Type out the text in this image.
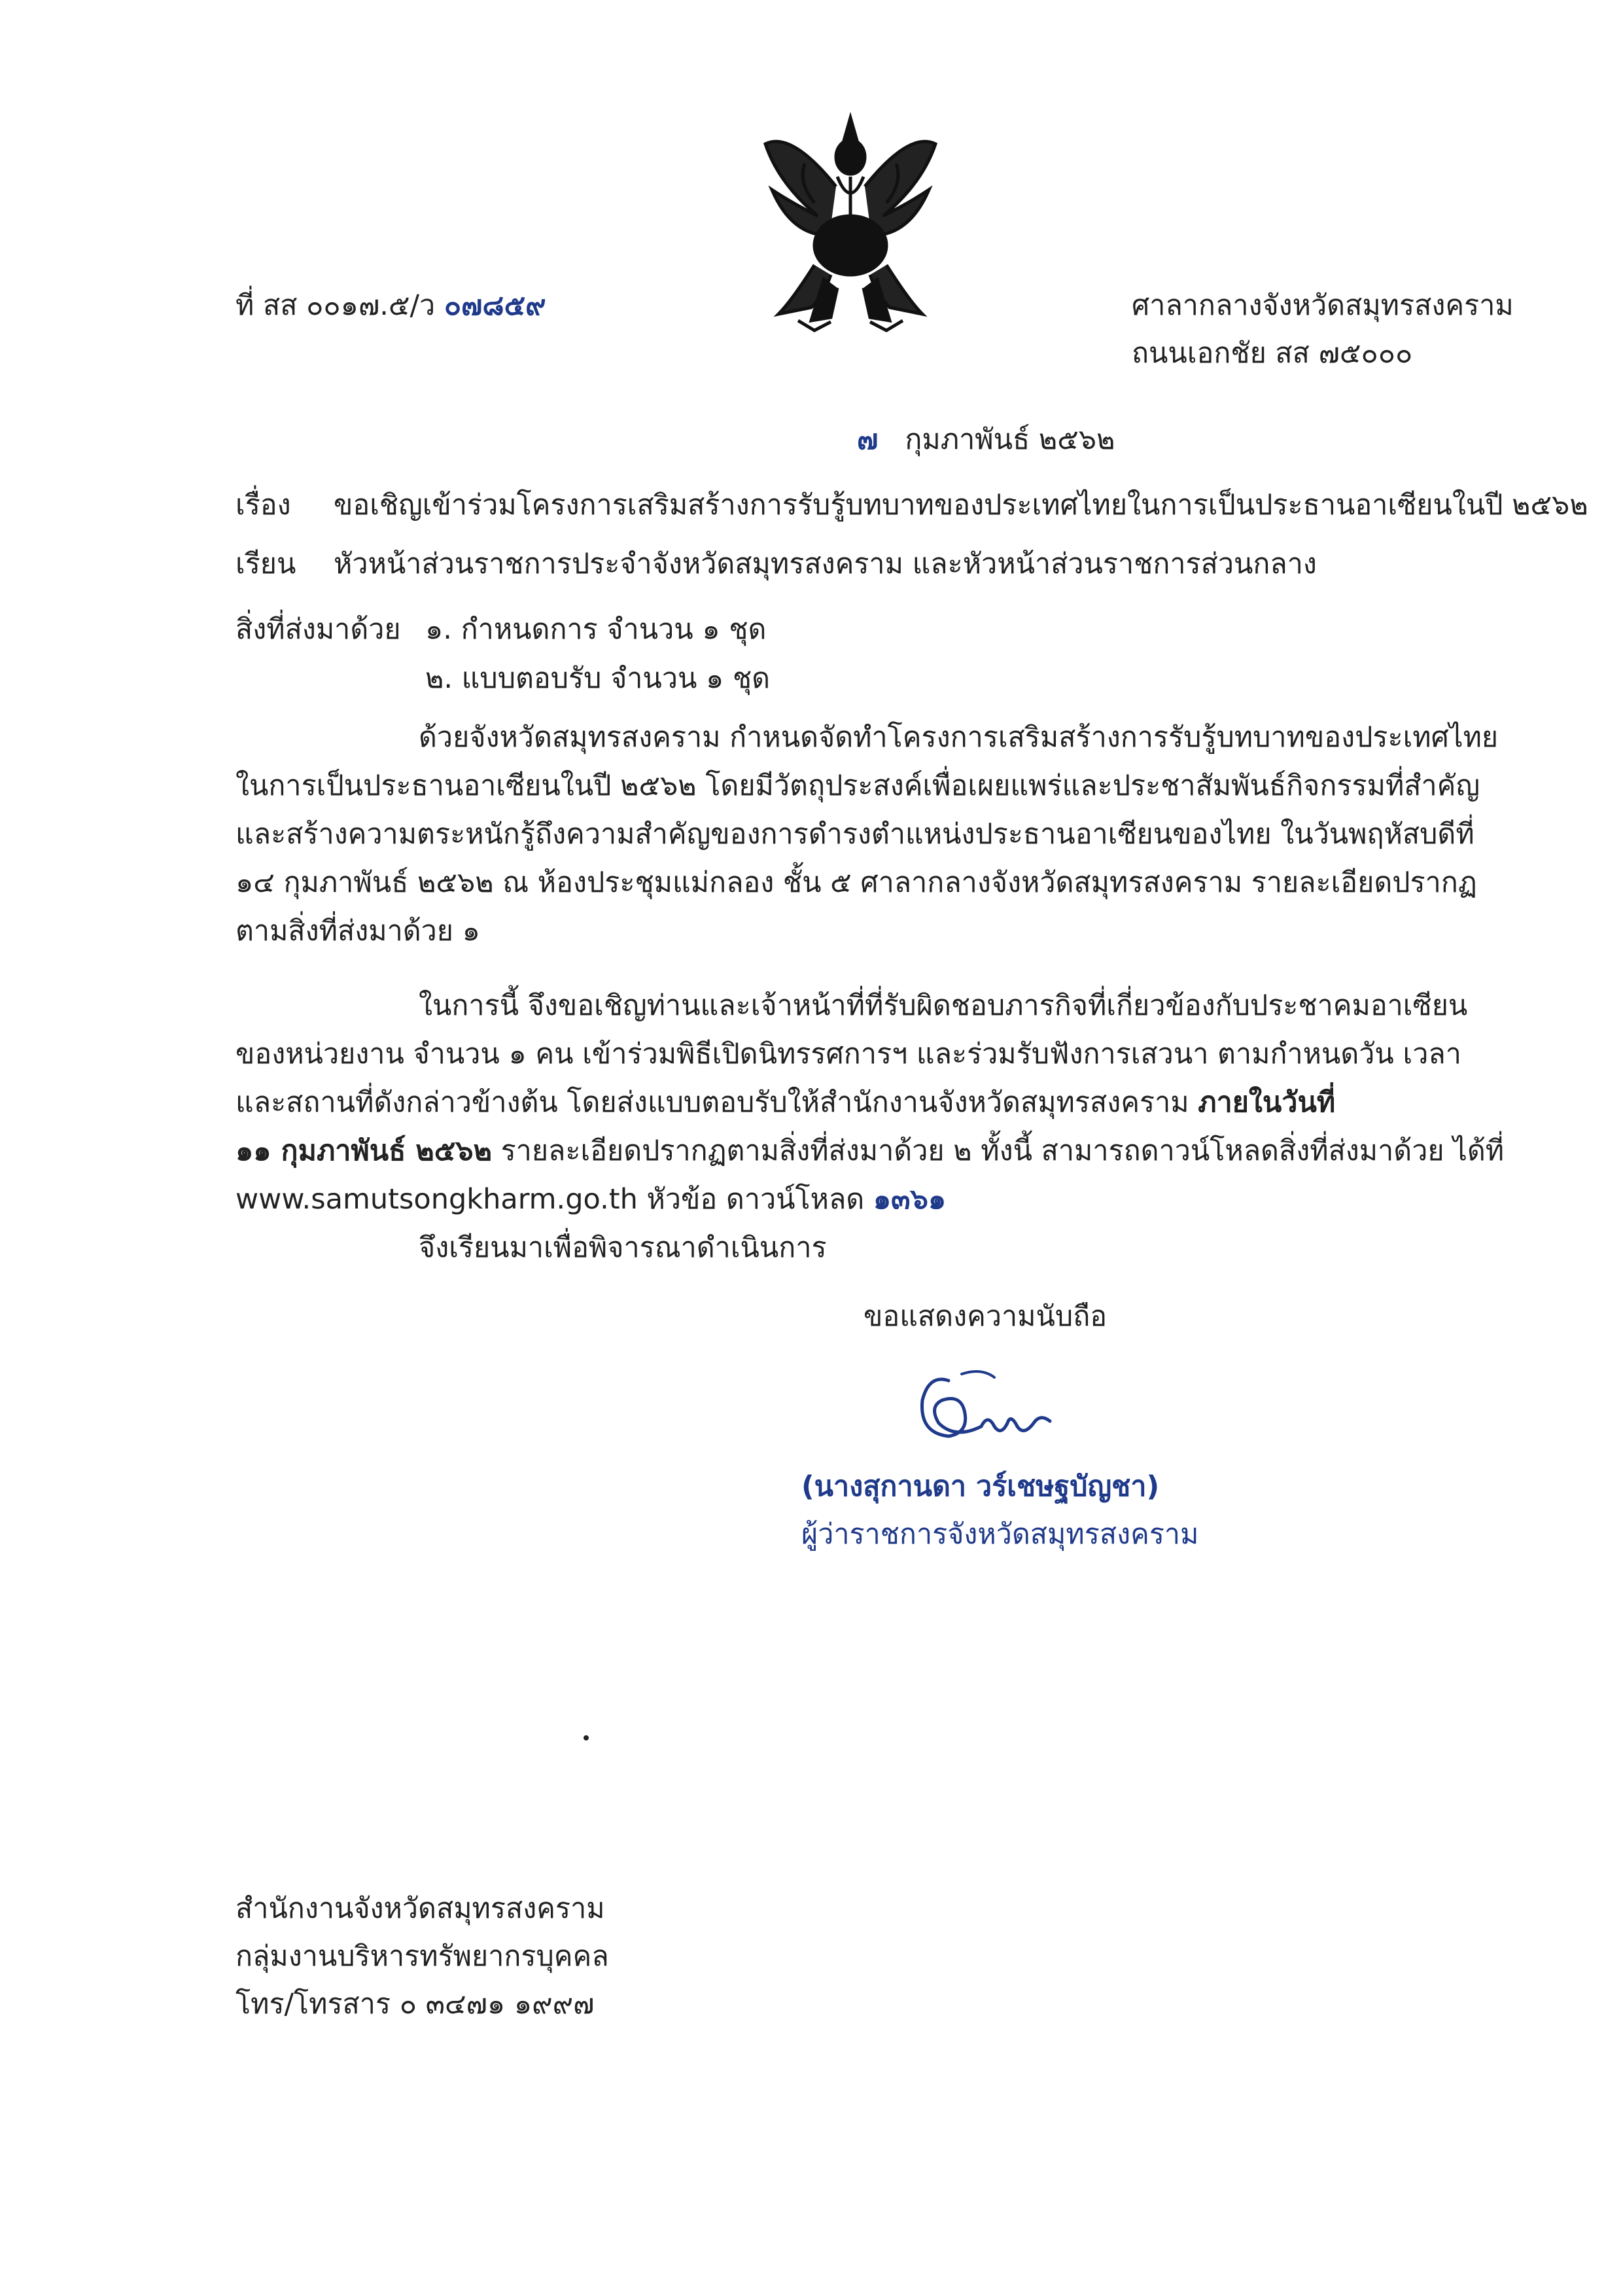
ที่ สส ๐๐๑๗.๕/ว ๐๗๘๕๙	ศาลากลางจังหวัดสมุทรสงคราม
ถนนเอกชัย สส ๗๕๐๐๐
๗ กุมภาพันธ์ ๒๕๖๒
เรื่อง ขอเชิญเข้าร่วมโครงการเสริมสร้างการรับรู้บทบาทของประเทศไทยในการเป็นประธานอาเซียนในปี ๒๕๖๒
เรียน หัวหน้าส่วนราชการประจำจังหวัดสมุทรสงคราม และหัวหน้าส่วนราชการส่วนกลาง
สิ่งที่ส่งมาด้วย ๑. กำหนดการ จำนวน ๑ ชุด
๒. แบบตอบรับ จำนวน ๑ ชุด
ด้วยจังหวัดสมุทรสงคราม กำหนดจัดทำโครงการเสริมสร้างการรับรู้บทบาทของประเทศไทย
ในการเป็นประธานอาเซียนในปี ๒๕๖๒ โดยมีวัตถุประสงค์เพื่อเผยแพร่และประชาสัมพันธ์กิจกรรมที่สำคัญ
และสร้างความตระหนักรู้ถึงความสำคัญของการดำรงตำแหน่งประธานอาเซียนของไทย ในวันพฤหัสบดีที่
๑๔ กุมภาพันธ์ ๒๕๖๒ ณ ห้องประชุมแม่กลอง ชั้น ๕ ศาลากลางจังหวัดสมุทรสงคราม รายละเอียดปรากฏ
ตามสิ่งที่ส่งมาด้วย ๑
ในการนี้ จึงขอเชิญท่านและเจ้าหน้าที่ที่รับผิดชอบภารกิจที่เกี่ยวข้องกับประชาคมอาเซียน
ของหน่วยงาน จำนวน ๑ คน เข้าร่วมพิธีเปิดนิทรรศการฯ และร่วมรับฟังการเสวนา ตามกำหนดวัน เวลา
และสถานที่ดังกล่าวข้างต้น โดยส่งแบบตอบรับให้สำนักงานจังหวัดสมุทรสงคราม ภายในวันที่
๑๑ กุมภาพันธ์ ๒๕๖๒ รายละเอียดปรากฏตามสิ่งที่ส่งมาด้วย ๒ ทั้งนี้ สามารถดาวน์โหลดสิ่งที่ส่งมาด้วย ได้ที่
www.samutsongkharm.go.th หัวข้อ ดาวน์โหลด ๑๓๖๑
จึงเรียนมาเพื่อพิจารณาดำเนินการ
ขอแสดงความนับถือ
(นางสุกานดา วร์เชษฐบัญชา)
ผู้ว่าราชการจังหวัดสมุทรสงคราม
สำนักงานจังหวัดสมุทรสงคราม
กลุ่มงานบริหารทรัพยากรบุคคล
โทร/โทรสาร ๐ ๓๔๗๑ ๑๙๙๗
